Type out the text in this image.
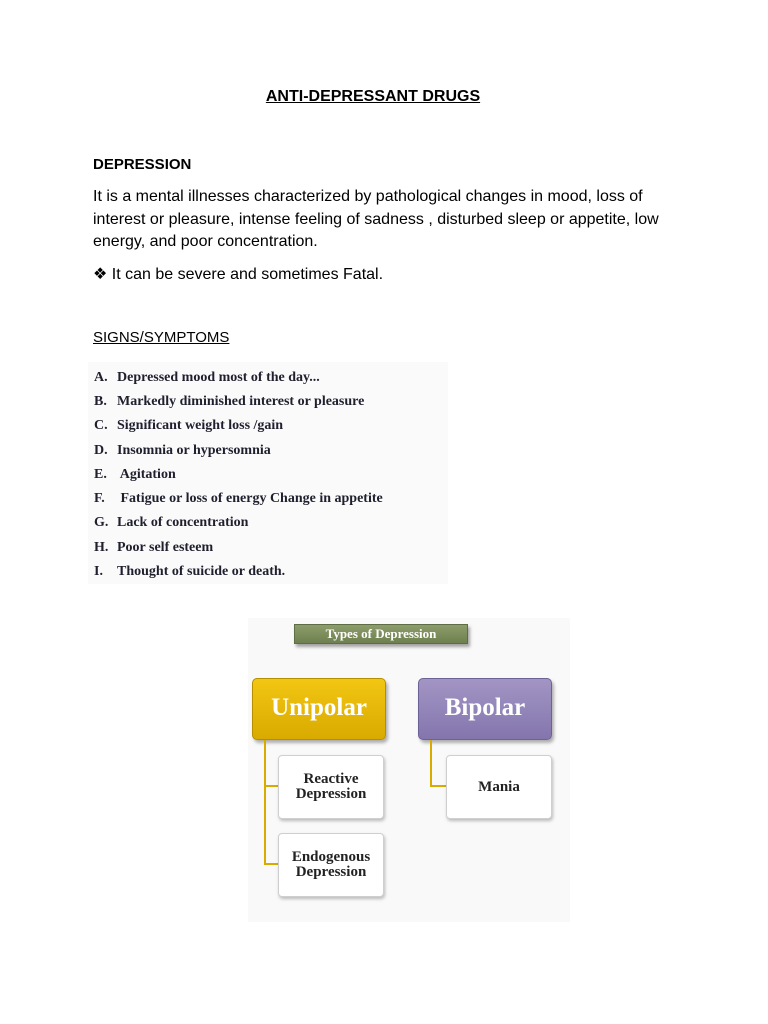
ANTI-DEPRESSANT DRUGS
DEPRESSION
It is a mental illnesses characterized by pathological changes in mood, loss of interest or pleasure, intense feeling of sadness , disturbed sleep or appetite, low energy, and poor concentration.
❖ It can be severe and sometimes Fatal.
SIGNS/SYMPTOMS
A. Depressed mood most of the day...
B. Markedly diminished interest or pleasure
C. Significant weight loss /gain
D. Insomnia or hypersomnia
E. Agitation
F. Fatigue or loss of energy Change in appetite
G. Lack of concentration
H. Poor self esteem
I. Thought of suicide or death.
Types of Depression
Unipolar	Bipolar
Reactive
Depression
Endogenous
Depression
Mania
